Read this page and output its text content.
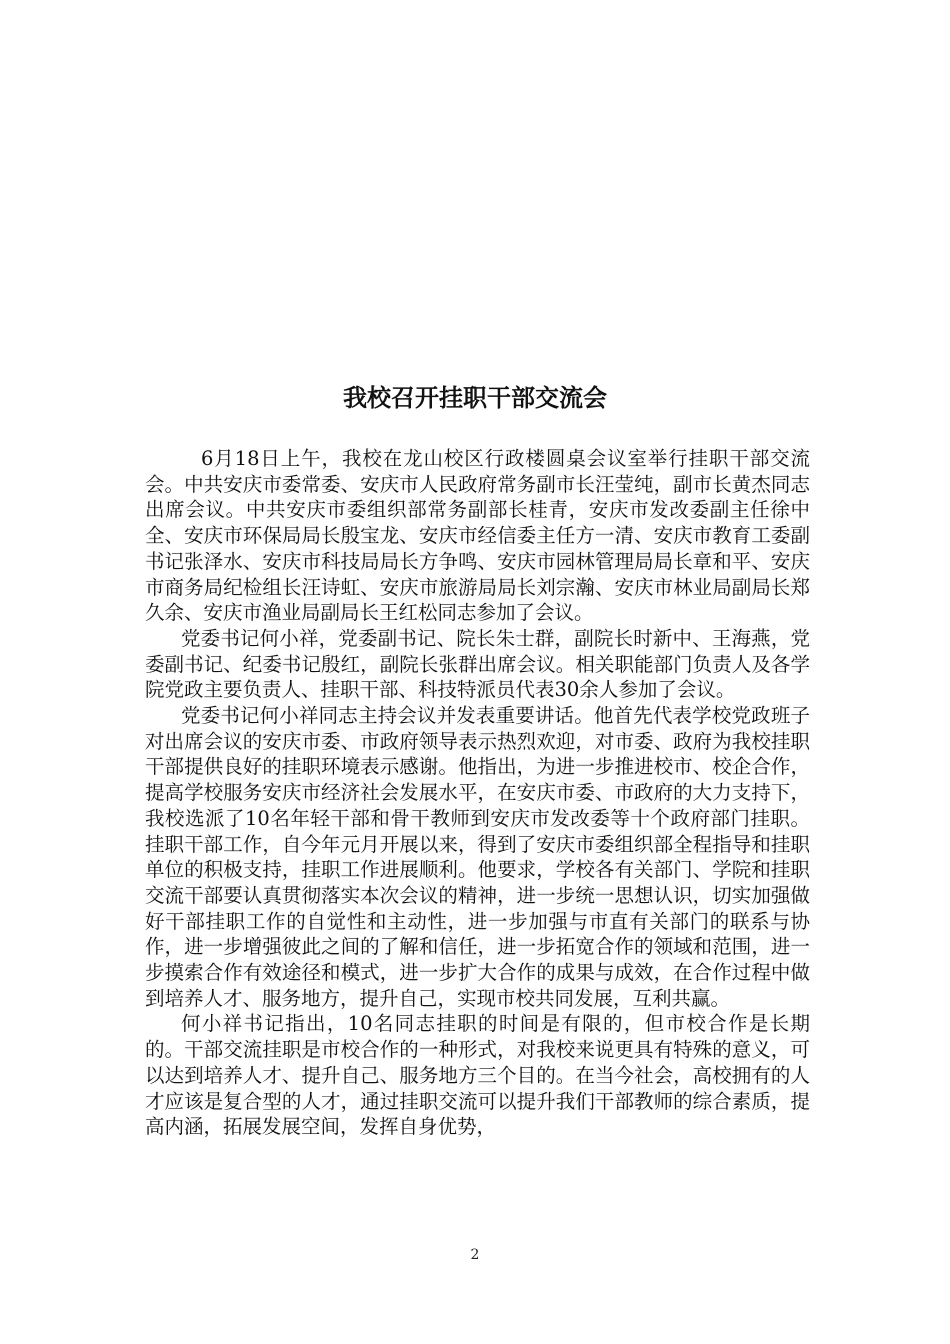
我校召开挂职干部交流会

6月18日上午，我校在龙山校区行政楼圆桌会议室举行挂职干部交流会。中共安庆市委常委、安庆市人民政府常务副市长汪莹纯，副市长黄杰同志出席会议。中共安庆市委组织部常务副部长桂青，安庆市发改委副主任徐中全、安庆市环保局局长殷宝龙、安庆市经信委主任方一清、安庆市教育工委副书记张泽水、安庆市科技局局长方争鸣、安庆市园林管理局局长章和平、安庆市商务局纪检组长汪诗虹、安庆市旅游局局长刘宗瀚、安庆市林业局副局长郑久余、安庆市渔业局副局长王红松同志参加了会议。

党委书记何小祥，党委副书记、院长朱士群，副院长时新中、王海燕，党委副书记、纪委书记殷红，副院长张群出席会议。相关职能部门负责人及各学院党政主要负责人、挂职干部、科技特派员代表30余人参加了会议。

党委书记何小祥同志主持会议并发表重要讲话。他首先代表学校党政班子对出席会议的安庆市委、市政府领导表示热烈欢迎，对市委、政府为我校挂职干部提供良好的挂职环境表示感谢。他指出，为进一步推进校市、校企合作，提高学校服务安庆市经济社会发展水平，在安庆市委、市政府的大力支持下，我校选派了10名年轻干部和骨干教师到安庆市发改委等十个政府部门挂职。挂职干部工作，自今年元月开展以来，得到了安庆市委组织部全程指导和挂职单位的积极支持，挂职工作进展顺利。他要求，学校各有关部门、学院和挂职交流干部要认真贯彻落实本次会议的精神，进一步统一思想认识，切实加强做好干部挂职工作的自觉性和主动性，进一步加强与市直有关部门的联系与协作，进一步增强彼此之间的了解和信任，进一步拓宽合作的领域和范围，进一步摸索合作有效途径和模式，进一步扩大合作的成果与成效，在合作过程中做到培养人才、服务地方，提升自己，实现市校共同发展，互利共赢。

何小祥书记指出，10名同志挂职的时间是有限的，但市校合作是长期的。干部交流挂职是市校合作的一种形式，对我校来说更具有特殊的意义，可以达到培养人才、提升自己、服务地方三个目的。在当今社会，高校拥有的人才应该是复合型的人才，通过挂职交流可以提升我们干部教师的综合素质，提高内涵，拓展发展空间，发挥自身优势，

2
